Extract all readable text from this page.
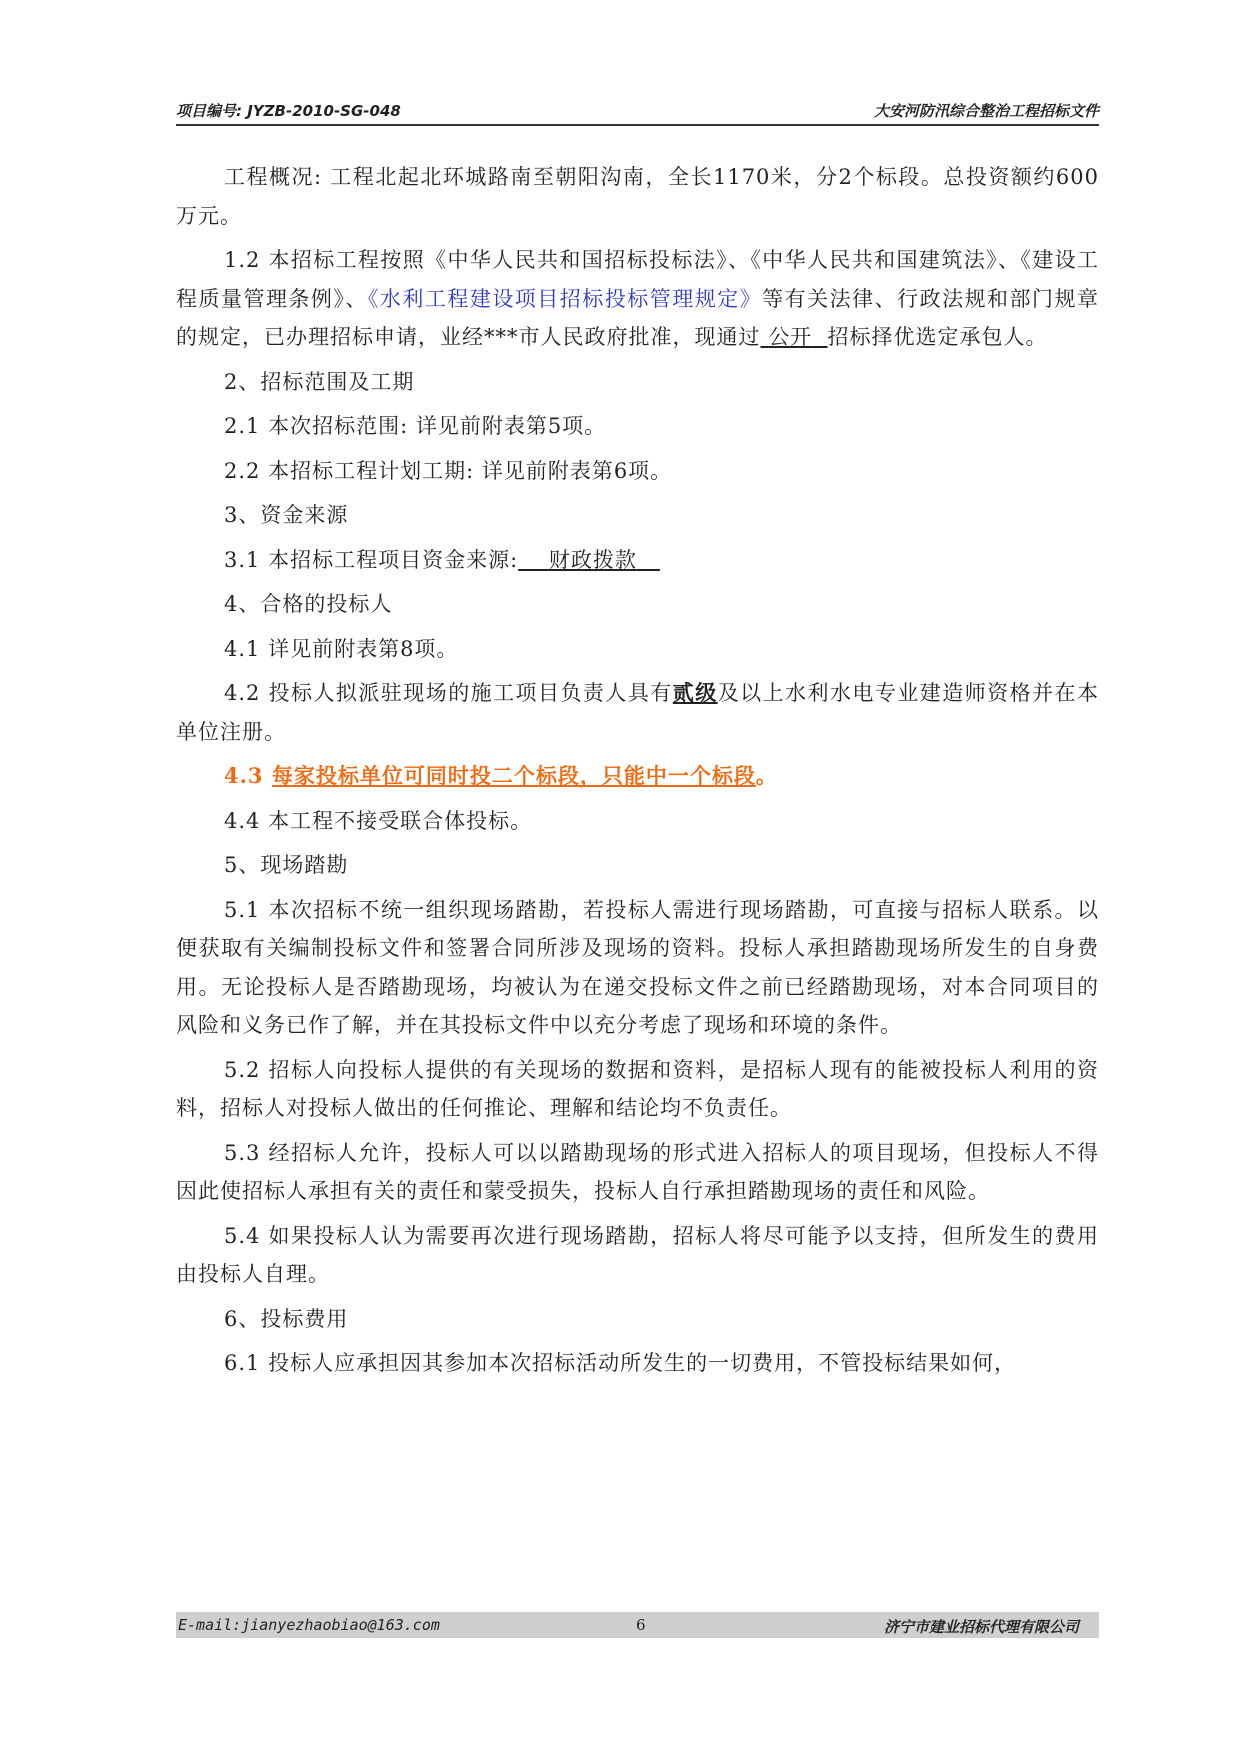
项目编号: JYZB-2010-SG-048	大安河防汛综合整治工程招标文件

工程概况: 工程北起北环城路南至朝阳沟南，全长1170米，分2个标段。总投资额约600万元。

1.2 本招标工程按照《中华人民共和国招标投标法》、《中华人民共和国建筑法》、《建设工程质量管理条例》、《水利工程建设项目招标投标管理规定》等有关法律、行政法规和部门规章的规定，已办理招标申请，业经***市人民政府批准，现通过 公开 招标择优选定承包人。

2、招标范围及工期

2.1 本次招标范围: 详见前附表第5项。

2.2 本招标工程计划工期: 详见前附表第6项。

3、资金来源

3.1 本招标工程项目资金来源: 财政拨款

4、合格的投标人

4.1 详见前附表第8项。

4.2 投标人拟派驻现场的施工项目负责人具有贰级及以上水利水电专业建造师资格并在本单位注册。

4.3 每家投标单位可同时投二个标段，只能中一个标段。

4.4 本工程不接受联合体投标。

5、现场踏勘

5.1 本次招标不统一组织现场踏勘，若投标人需进行现场踏勘，可直接与招标人联系。以便获取有关编制投标文件和签署合同所涉及现场的资料。投标人承担踏勘现场所发生的自身费用。无论投标人是否踏勘现场，均被认为在递交投标文件之前已经踏勘现场，对本合同项目的风险和义务已作了解，并在其投标文件中以充分考虑了现场和环境的条件。

5.2 招标人向投标人提供的有关现场的数据和资料，是招标人现有的能被投标人利用的资料，招标人对投标人做出的任何推论、理解和结论均不负责任。

5.3 经招标人允许，投标人可以以踏勘现场的形式进入招标人的项目现场，但投标人不得因此使招标人承担有关的责任和蒙受损失，投标人自行承担踏勘现场的责任和风险。

5.4 如果投标人认为需要再次进行现场踏勘，招标人将尽可能予以支持，但所发生的费用由投标人自理。

6、投标费用

6.1 投标人应承担因其参加本次招标活动所发生的一切费用，不管投标结果如何，

E-mail:jianyezhaobiao@163.com	6	济宁市建业招标代理有限公司
